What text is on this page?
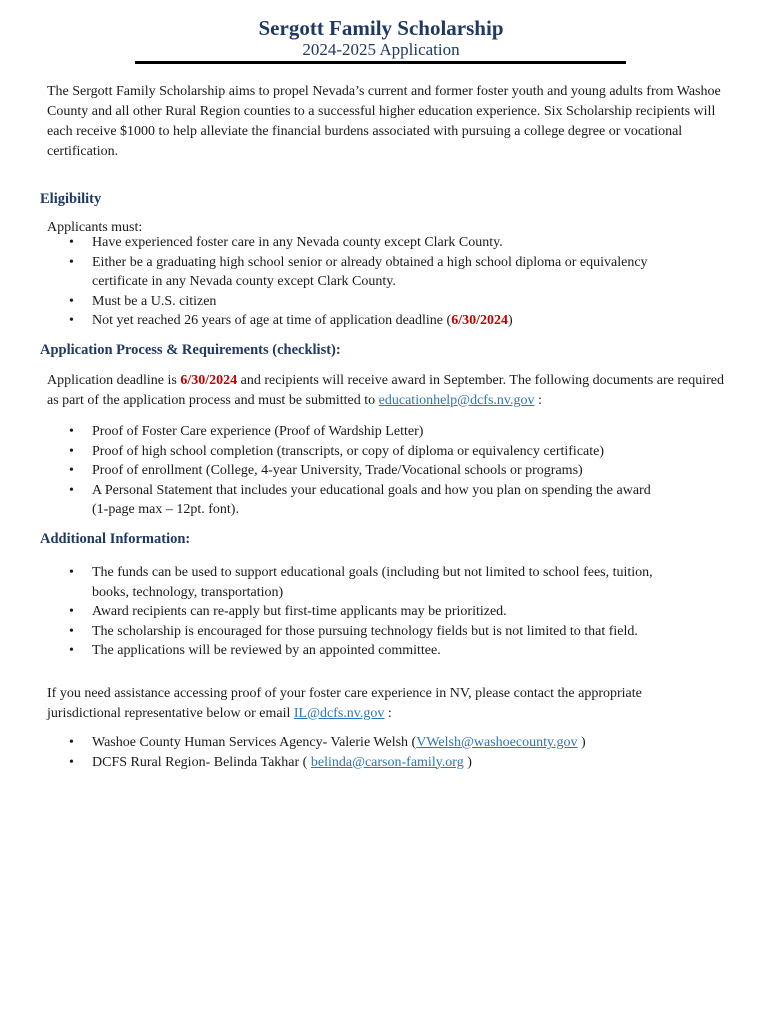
Sergott Family Scholarship
2024-2025 Application
The Sergott Family Scholarship aims to propel Nevada’s current and former foster youth and young adults from Washoe County and all other Rural Region counties to a successful higher education experience. Six Scholarship recipients will each receive $1000 to help alleviate the financial burdens associated with pursuing a college degree or vocational certification.
Eligibility
Applicants must:
• Have experienced foster care in any Nevada county except Clark County.
• Either be a graduating high school senior or already obtained a high school diploma or equivalency certificate in any Nevada county except Clark County.
• Must be a U.S. citizen
• Not yet reached 26 years of age at time of application deadline (6/30/2024)
Application Process & Requirements (checklist):
Application deadline is 6/30/2024 and recipients will receive award in September. The following documents are required as part of the application process and must be submitted to educationhelp@dcfs.nv.gov :
• Proof of Foster Care experience (Proof of Wardship Letter)
• Proof of high school completion (transcripts, or copy of diploma or equivalency certificate)
• Proof of enrollment (College, 4-year University, Trade/Vocational schools or programs)
• A Personal Statement that includes your educational goals and how you plan on spending the award (1-page max – 12pt. font).
Additional Information:
• The funds can be used to support educational goals (including but not limited to school fees, tuition, books, technology, transportation)
• Award recipients can re-apply but first-time applicants may be prioritized.
• The scholarship is encouraged for those pursuing technology fields but is not limited to that field.
• The applications will be reviewed by an appointed committee.
If you need assistance accessing proof of your foster care experience in NV, please contact the appropriate jurisdictional representative below or email IL@dcfs.nv.gov :
• Washoe County Human Services Agency- Valerie Welsh (VWelsh@washoecounty.gov )
• DCFS Rural Region- Belinda Takhar ( belinda@carson-family.org )
